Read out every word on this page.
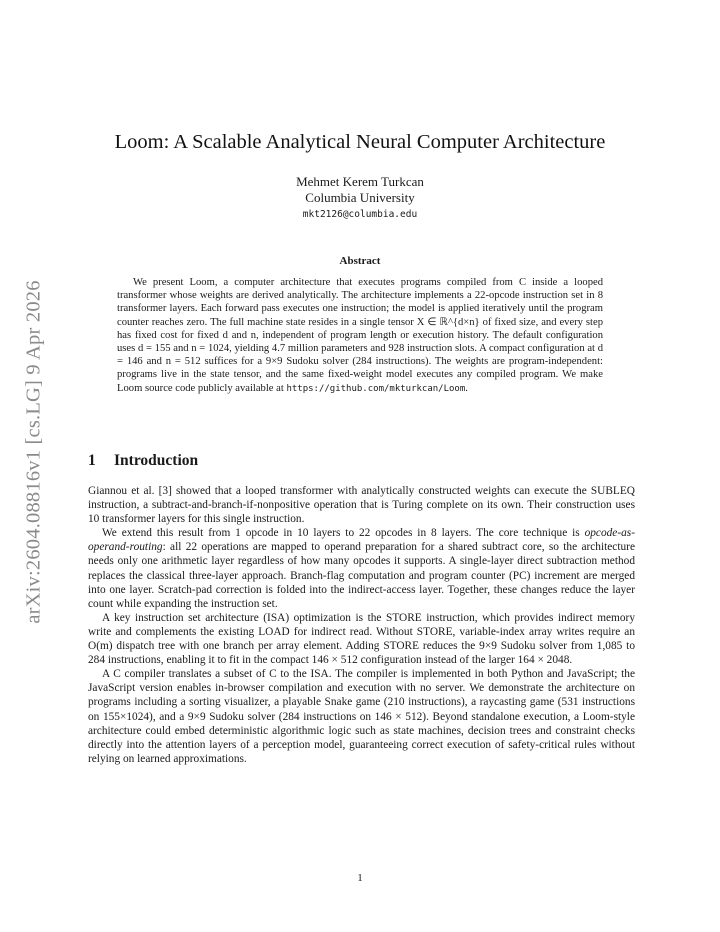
arXiv:2604.08816v1 [cs.LG] 9 Apr 2026
Loom: A Scalable Analytical Neural Computer Architecture
Mehmet Kerem Turkcan
Columbia University
mkt2126@columbia.edu
Abstract

We present Loom, a computer architecture that executes programs compiled from C inside a looped transformer whose weights are derived analytically. The architecture implements a 22-opcode instruction set in 8 transformer layers. Each forward pass executes one instruction; the model is applied iteratively until the program counter reaches zero. The full machine state resides in a single tensor X ∈ ℝ^{d×n} of fixed size, and every step has fixed cost for fixed d and n, independent of program length or execution history. The default configuration uses d = 155 and n = 1024, yielding 4.7 million parameters and 928 instruction slots. A compact configuration at d = 146 and n = 512 suffices for a 9×9 Sudoku solver (284 instructions). The weights are program-independent: programs live in the state tensor, and the same fixed-weight model executes any compiled program. We make Loom source code publicly available at https://github.com/mkturkcan/Loom.

1 Introduction

Giannou et al. [3] showed that a looped transformer with analytically constructed weights can execute the SUBLEQ instruction, a subtract-and-branch-if-nonpositive operation that is Turing complete on its own. Their construction uses 10 transformer layers for this single instruction.

We extend this result from 1 opcode in 10 layers to 22 opcodes in 8 layers. The core technique is opcode-as-operand-routing: all 22 operations are mapped to operand preparation for a shared subtract core, so the architecture needs only one arithmetic layer regardless of how many opcodes it supports. A single-layer direct subtraction method replaces the classical three-layer approach. Branch-flag computation and program counter (PC) increment are merged into one layer. Scratch-pad correction is folded into the indirect-access layer. Together, these changes reduce the layer count while expanding the instruction set.

A key instruction set architecture (ISA) optimization is the STORE instruction, which provides indirect memory write and complements the existing LOAD for indirect read. Without STORE, variable-index array writes require an O(m) dispatch tree with one branch per array element. Adding STORE reduces the 9×9 Sudoku solver from 1,085 to 284 instructions, enabling it to fit in the compact 146 × 512 configuration instead of the larger 164 × 2048.

A C compiler translates a subset of C to the ISA. The compiler is implemented in both Python and JavaScript; the JavaScript version enables in-browser compilation and execution with no server. We demonstrate the architecture on programs including a sorting visualizer, a playable Snake game (210 instructions), a raycasting game (531 instructions on 155×1024), and a 9×9 Sudoku solver (284 instructions on 146 × 512). Beyond standalone execution, a Loom-style architecture could embed deterministic algorithmic logic such as state machines, decision trees and constraint checks directly into the attention layers of a perception model, guaranteeing correct execution of safety-critical rules without relying on learned approximations.

1
